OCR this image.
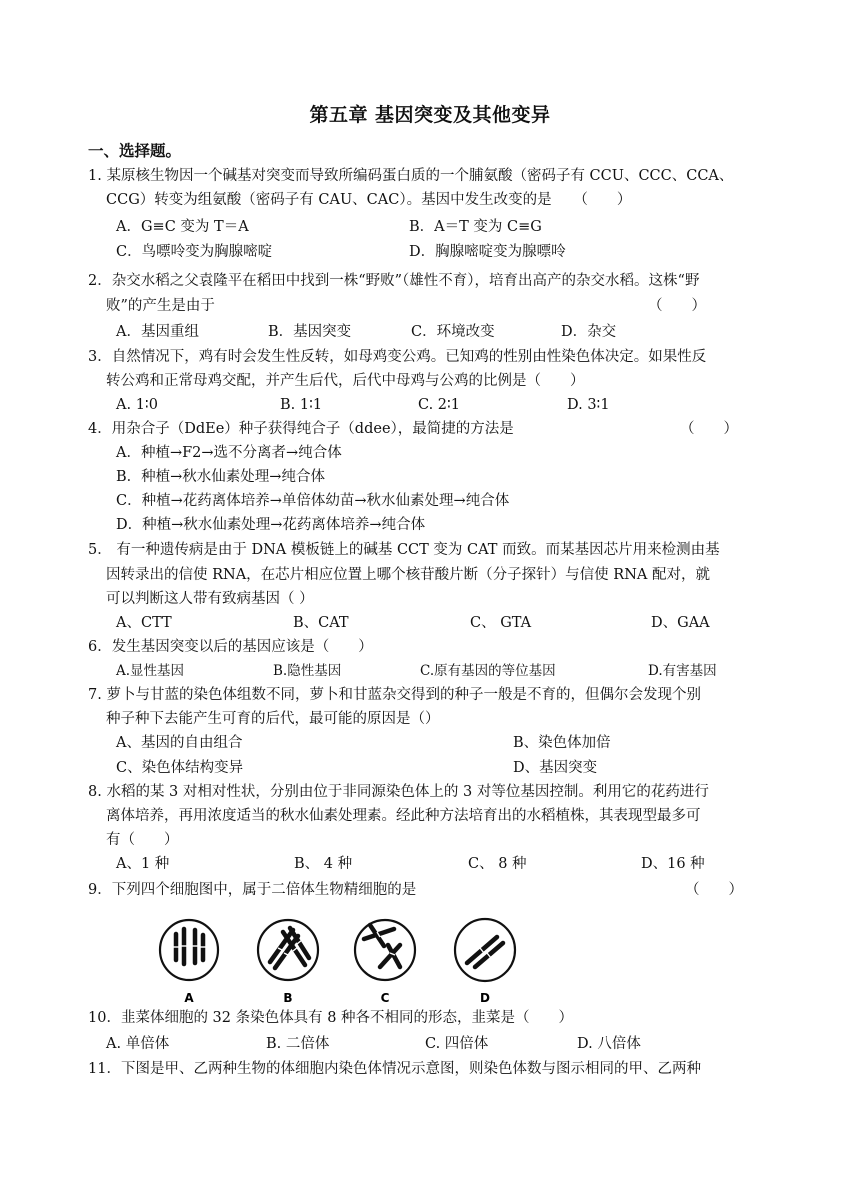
第五章 基因突变及其他变异
一、选择题。
1. 某原核生物因一个碱基对突变而导致所编码蛋白质的一个脯氨酸（密码子有 CCU、CCC、CCA、
CCG）转变为组氨酸（密码子有 CAU、CAC）。基因中发生改变的是　　（　　）
A．G≡C 变为 T＝A	B．A＝T 变为 C≡G
C．鸟嘌呤变为胸腺嘧啶	D．胸腺嘧啶变为腺嘌呤
2．杂交水稻之父袁隆平在稻田中找到一株“野败”（雄性不育），培育出高产的杂交水稻。这株“野
败”的产生是由于	（　　）
A．基因重组	B．基因突变	C．环境改变	D．杂交
3．自然情况下，鸡有时会发生性反转，如母鸡变公鸡。已知鸡的性别由性染色体决定。如果性反
转公鸡和正常母鸡交配，并产生后代，后代中母鸡与公鸡的比例是（　　）
A. 1∶0	B. 1∶1	C. 2∶1	D. 3∶1
4．用杂合子（DdEe）种子获得纯合子（ddee），最简捷的方法是	（　　）
A．种植→F2→选不分离者→纯合体
B．种植→秋水仙素处理→纯合体
C．种植→花药离体培养→单倍体幼苗→秋水仙素处理→纯合体
D．种植→秋水仙素处理→花药离体培养→纯合体
5． 有一种遗传病是由于 DNA 模板链上的碱基 CCT 变为 CAT 而致。而某基因芯片用来检测由基
因转录出的信使 RNA，在芯片相应位置上哪个核苷酸片断（分子探针）与信使 RNA 配对，就
可以判断这人带有致病基因（ ）
A、CTT	B、CAT	C、 GTA	D、GAA
6．发生基因突变以后的基因应该是（　　）
A.显性基因	B.隐性基因	C.原有基因的等位基因	D.有害基因
7. 萝卜与甘蓝的染色体组数不同，萝卜和甘蓝杂交得到的种子一般是不育的，但偶尔会发现个别
种子种下去能产生可育的后代，最可能的原因是（）
A、基因的自由组合	B、染色体加倍
C、染色体结构变异	D、基因突变
8. 水稻的某 3 对相对性状，分别由位于非同源染色体上的 3 对等位基因控制。利用它的花药进行
离体培养，再用浓度适当的秋水仙素处理素。经此种方法培育出的水稻植株，其表现型最多可
有（　　）
A、1 种	B、 4 种	C、 8 种	D、16 种
9．下列四个细胞图中，属于二倍体生物精细胞的是	（　　）
A	B	C	D
10．韭菜体细胞的 32 条染色体具有 8 种各不相同的形态，韭菜是（　　）
A. 单倍体	B. 二倍体	C. 四倍体	D. 八倍体
11．下图是甲、乙两种生物的体细胞内染色体情况示意图，则染色体数与图示相同的甲、乙两种
